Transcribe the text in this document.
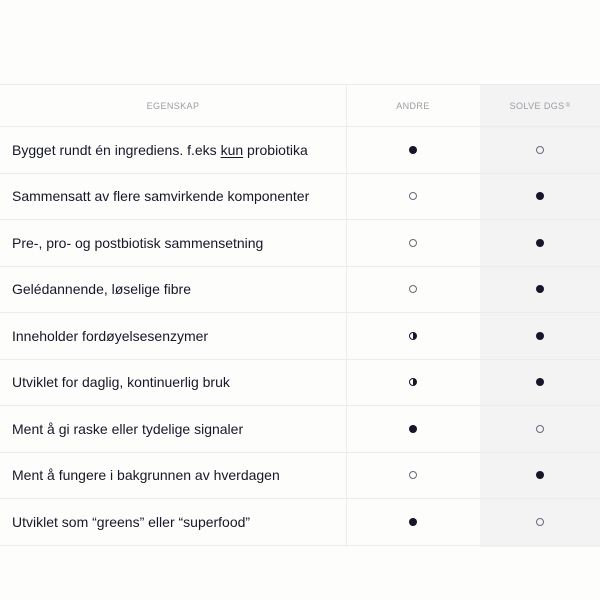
EGENSKAP	ANDRE	SOLVE DGS ®
Bygget rundt én ingrediens. f.eks kun probiotika
Sammensatt av flere samvirkende komponenter
Pre-, pro- og postbiotisk sammensetning
Gelédannende, løselige fibre
Inneholder fordøyelsesenzymer
Utviklet for daglig, kontinuerlig bruk
Ment å gi raske eller tydelige signaler
Ment å fungere i bakgrunnen av hverdagen
Utviklet som “greens” eller “superfood”
